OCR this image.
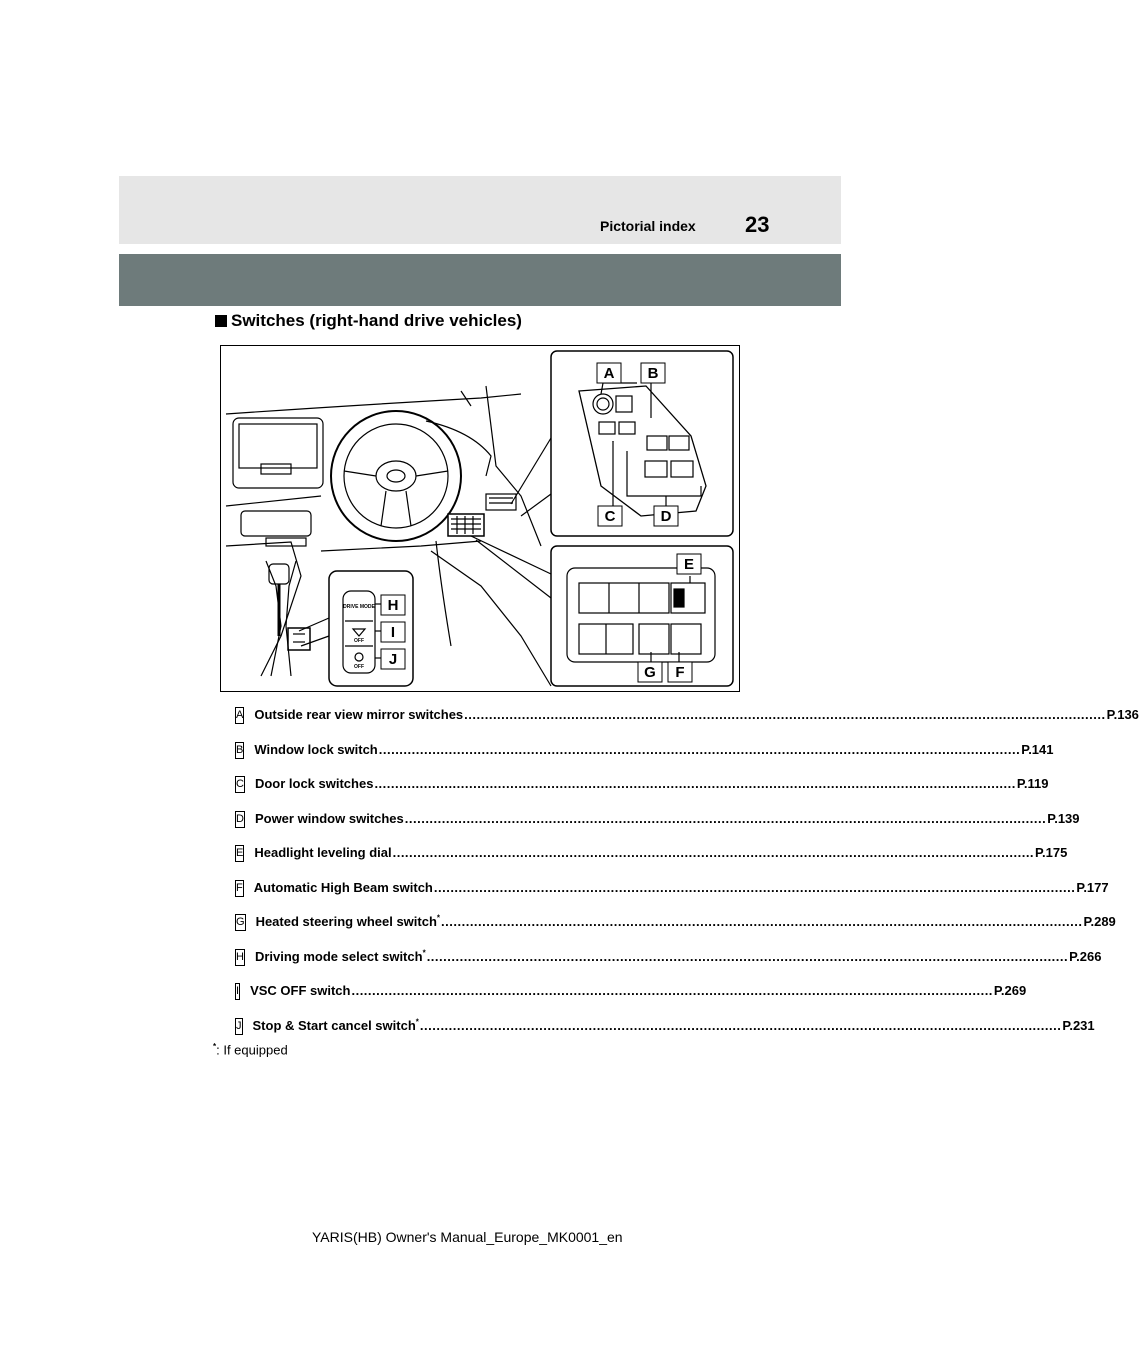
Pictorial index 23
Switches (right-hand drive vehicles)
A B
C	D
E
G F
H
I
J
DRIVE MODE
OFF
OFF
A Outside rear view mirror switches .....	P.136
B Window lock switch .....	P.141
C Door lock switches .....	P.119
D Power window switches .....	P.139
E Headlight leveling dial .....	P.175
F Automatic High Beam switch .....	P.177
G Heated steering wheel switch* .....	P.289
H Driving mode select switch* .....	P.266
I VSC OFF switch .....	P.269
J Stop & Start cancel switch* .....	P.231
*: If equipped
YARIS(HB) Owner's Manual_Europe_MK0001_en
